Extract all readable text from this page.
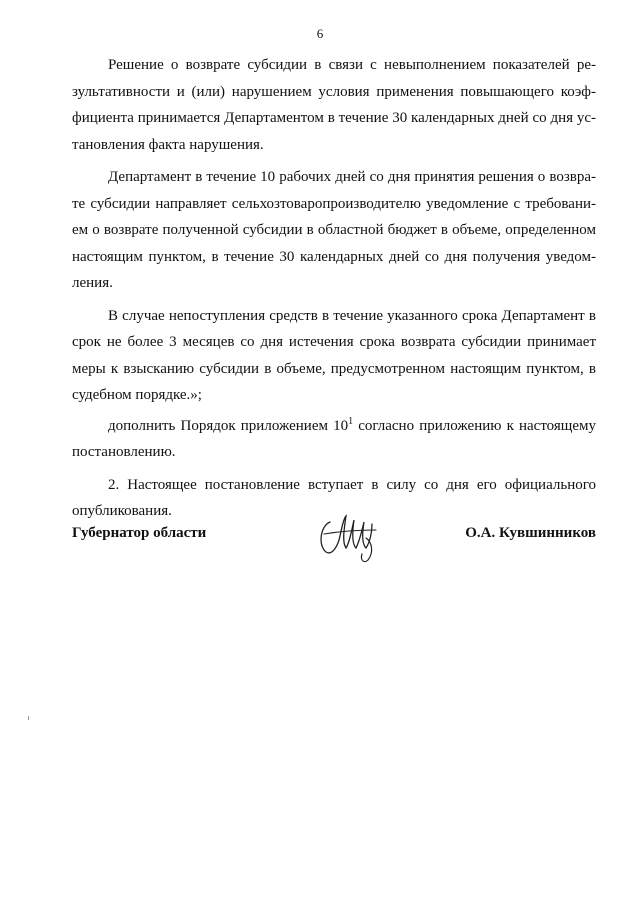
6

Решение о возврате субсидии в связи с невыполнением показателей результативности и (или) нарушением условия применения повышающего коэффициента принимается Департаментом в течение 30 календарных дней со дня установления факта нарушения.

Департамент в течение 10 рабочих дней со дня принятия решения о возврате субсидии направляет сельхозтоваропроизводителю уведомление с требованием о возврате полученной субсидии в областной бюджет в объеме, определенном настоящим пунктом, в течение 30 календарных дней со дня получения уведомления.

В случае непоступления средств в течение указанного срока Департамент в срок не более 3 месяцев со дня истечения срока возврата субсидии принимает меры к взысканию субсидии в объеме, предусмотренном настоящим пунктом, в судебном порядке.»;

дополнить Порядок приложением $10^1$ согласно приложению к настоящему постановлению.

2. Настоящее постановление вступает в силу со дня его официального опубликования.

Губернатор области	О.А. Кувшинников
